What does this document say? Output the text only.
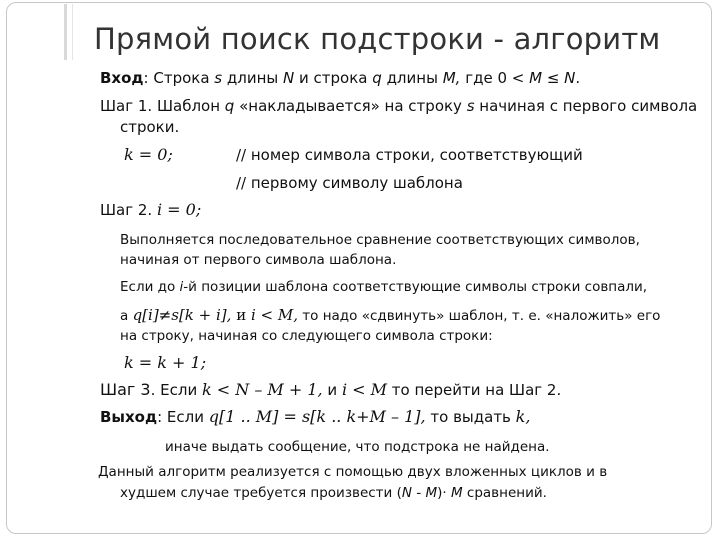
Прямой поиск подстроки - алгоритм
Вход: Строка s длины N и строка q длины M, где 0 < M ≤ N.
Шаг 1. Шаблон q «накладывается» на строку s начиная с первого символа
строки.
k = 0;	// номер символа строки, соответствующий
// первому символу шаблона
Шаг 2. i = 0;
Выполняется последовательное сравнение соответствующих символов,
начиная от первого символа шаблона.
Если до i-й позиции шаблона соответствующие символы строки совпали,
а q[i]≠s[k + i], и i < M, то надо «сдвинуть» шаблон, т. е. «наложить» его
на строку, начиная со следующего символа строки:
k = k + 1;
Шаг 3. Если k < N – M + 1, и i < M то перейти на Шаг 2.
Выход: Если q[1 .. M] = s[k .. k+M – 1], то выдать k,
иначе выдать сообщение, что подстрока не найдена.
Данный алгоритм реализуется с помощью двух вложенных циклов и в
худшем случае требуется произвести (N - M)· M сравнений.
